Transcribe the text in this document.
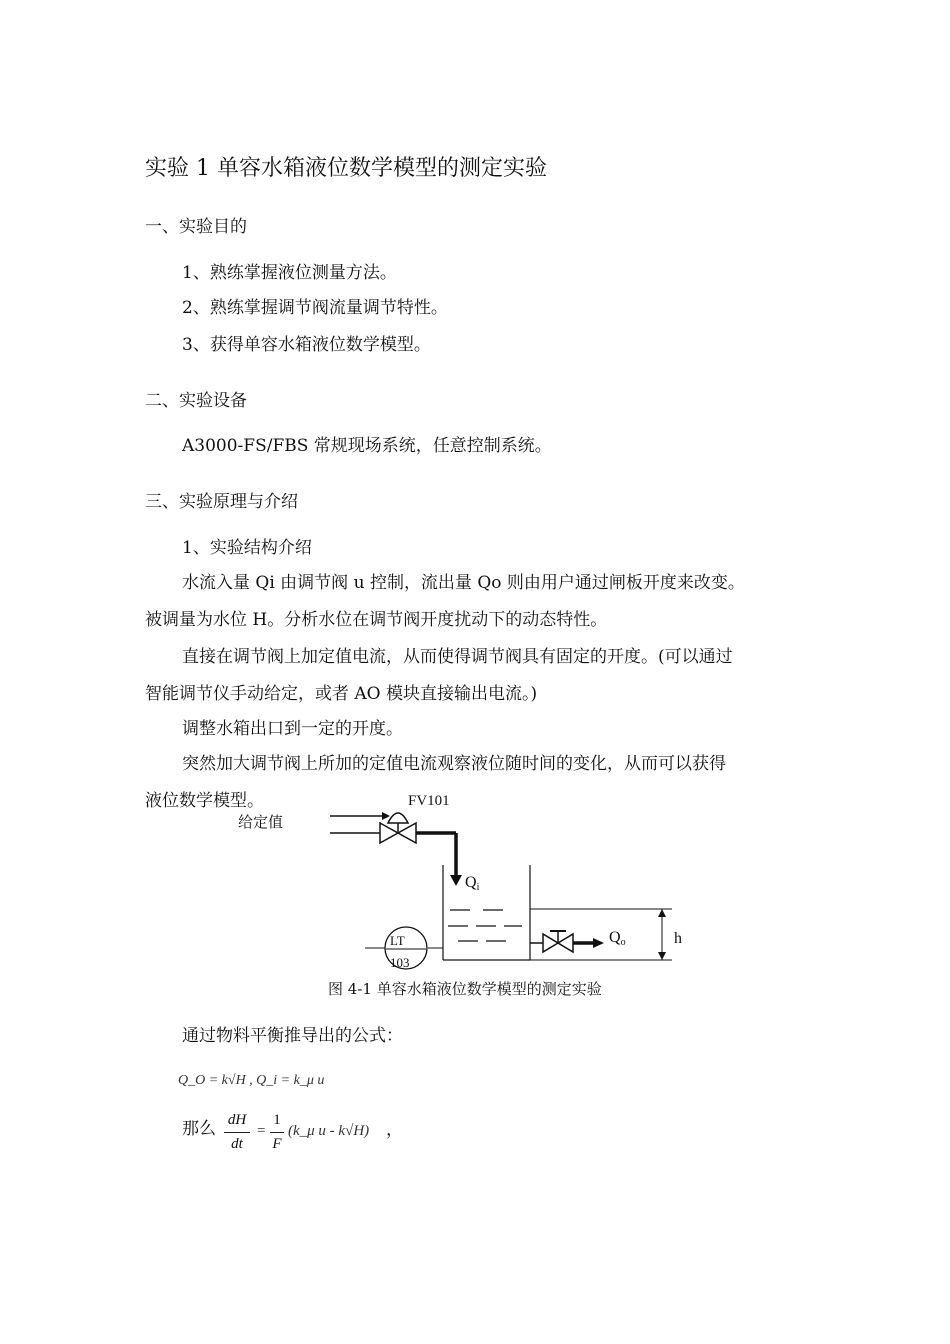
实验 1 单容水箱液位数学模型的测定实验
一、实验目的
1、熟练掌握液位测量方法。
2、熟练掌握调节阀流量调节特性。
3、获得单容水箱液位数学模型。
二、实验设备
A3000-FS/FBS 常规现场系统，任意控制系统。
三、实验原理与介绍
1、实验结构介绍
水流入量 Qi 由调节阀 u 控制，流出量 Qo 则由用户通过闸板开度来改变。
被调量为水位 H。分析水位在调节阀开度扰动下的动态特性。
直接在调节阀上加定值电流，从而使得调节阀具有固定的开度。(可以通过
智能调节仪手动给定，或者 AO 模块直接输出电流。)
调整水箱出口到一定的开度。
突然加大调节阀上所加的定值电流观察液位随时间的变化，从而可以获得
液位数学模型。	FV101
给定值
Qi
Qo	h
LT
103
图 4-1 单容水箱液位数学模型的测定实验
通过物料平衡推导出的公式：
Q_O = k√H , Q_i = k_μ u
那么 dH
dt
=
1
F
(k_μ u - k√H) ，
